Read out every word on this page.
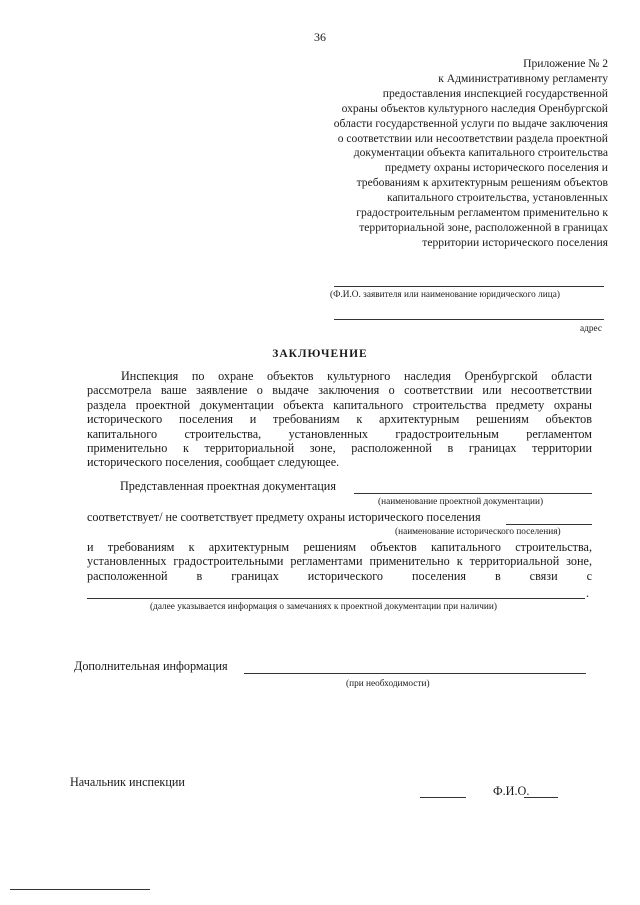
36
Приложение № 2
к Административному регламенту
предоставления инспекцией государственной
охраны объектов культурного наследия Оренбургской
области государственной услуги по выдаче заключения
о соответствии или несоответствии раздела проектной
документации объекта капитального строительства
предмету охраны исторического поселения и
требованиям к архитектурным решениям объектов
капитального строительства, установленных
градостроительным регламентом применительно к
территориальной зоне, расположенной в границах
территории исторического поселения
(Ф.И.О. заявителя или наименование юридического лица)
адрес
ЗАКЛЮЧЕНИЕ
Инспекция по охране объектов культурного наследия Оренбургской области
рассмотрела ваше заявление о выдаче заключения о соответствии или несоответствии
раздела проектной документации объекта капитального строительства предмету охраны
исторического поселения и требованиям к архитектурным решениям объектов
капитального строительства, установленных градостроительным регламентом
применительно к территориальной зоне, расположенной в границах территории
исторического поселения, сообщает следующее.
Представленная проектная документация
(наименование проектной документации)
соответствует/ не соответствует предмету охраны исторического поселения
(наименование исторического поселения)
и требованиям к архитектурным решениям объектов капитального строительства,
установленных градостроительными регламентами применительно к территориальной зоне,
расположенной в границах исторического поселения в связи с
.
(далее указывается информация о замечаниях к проектной документации при наличии)
Дополнительная информация
(при необходимости)
Начальник инспекции
Ф.И.О.
